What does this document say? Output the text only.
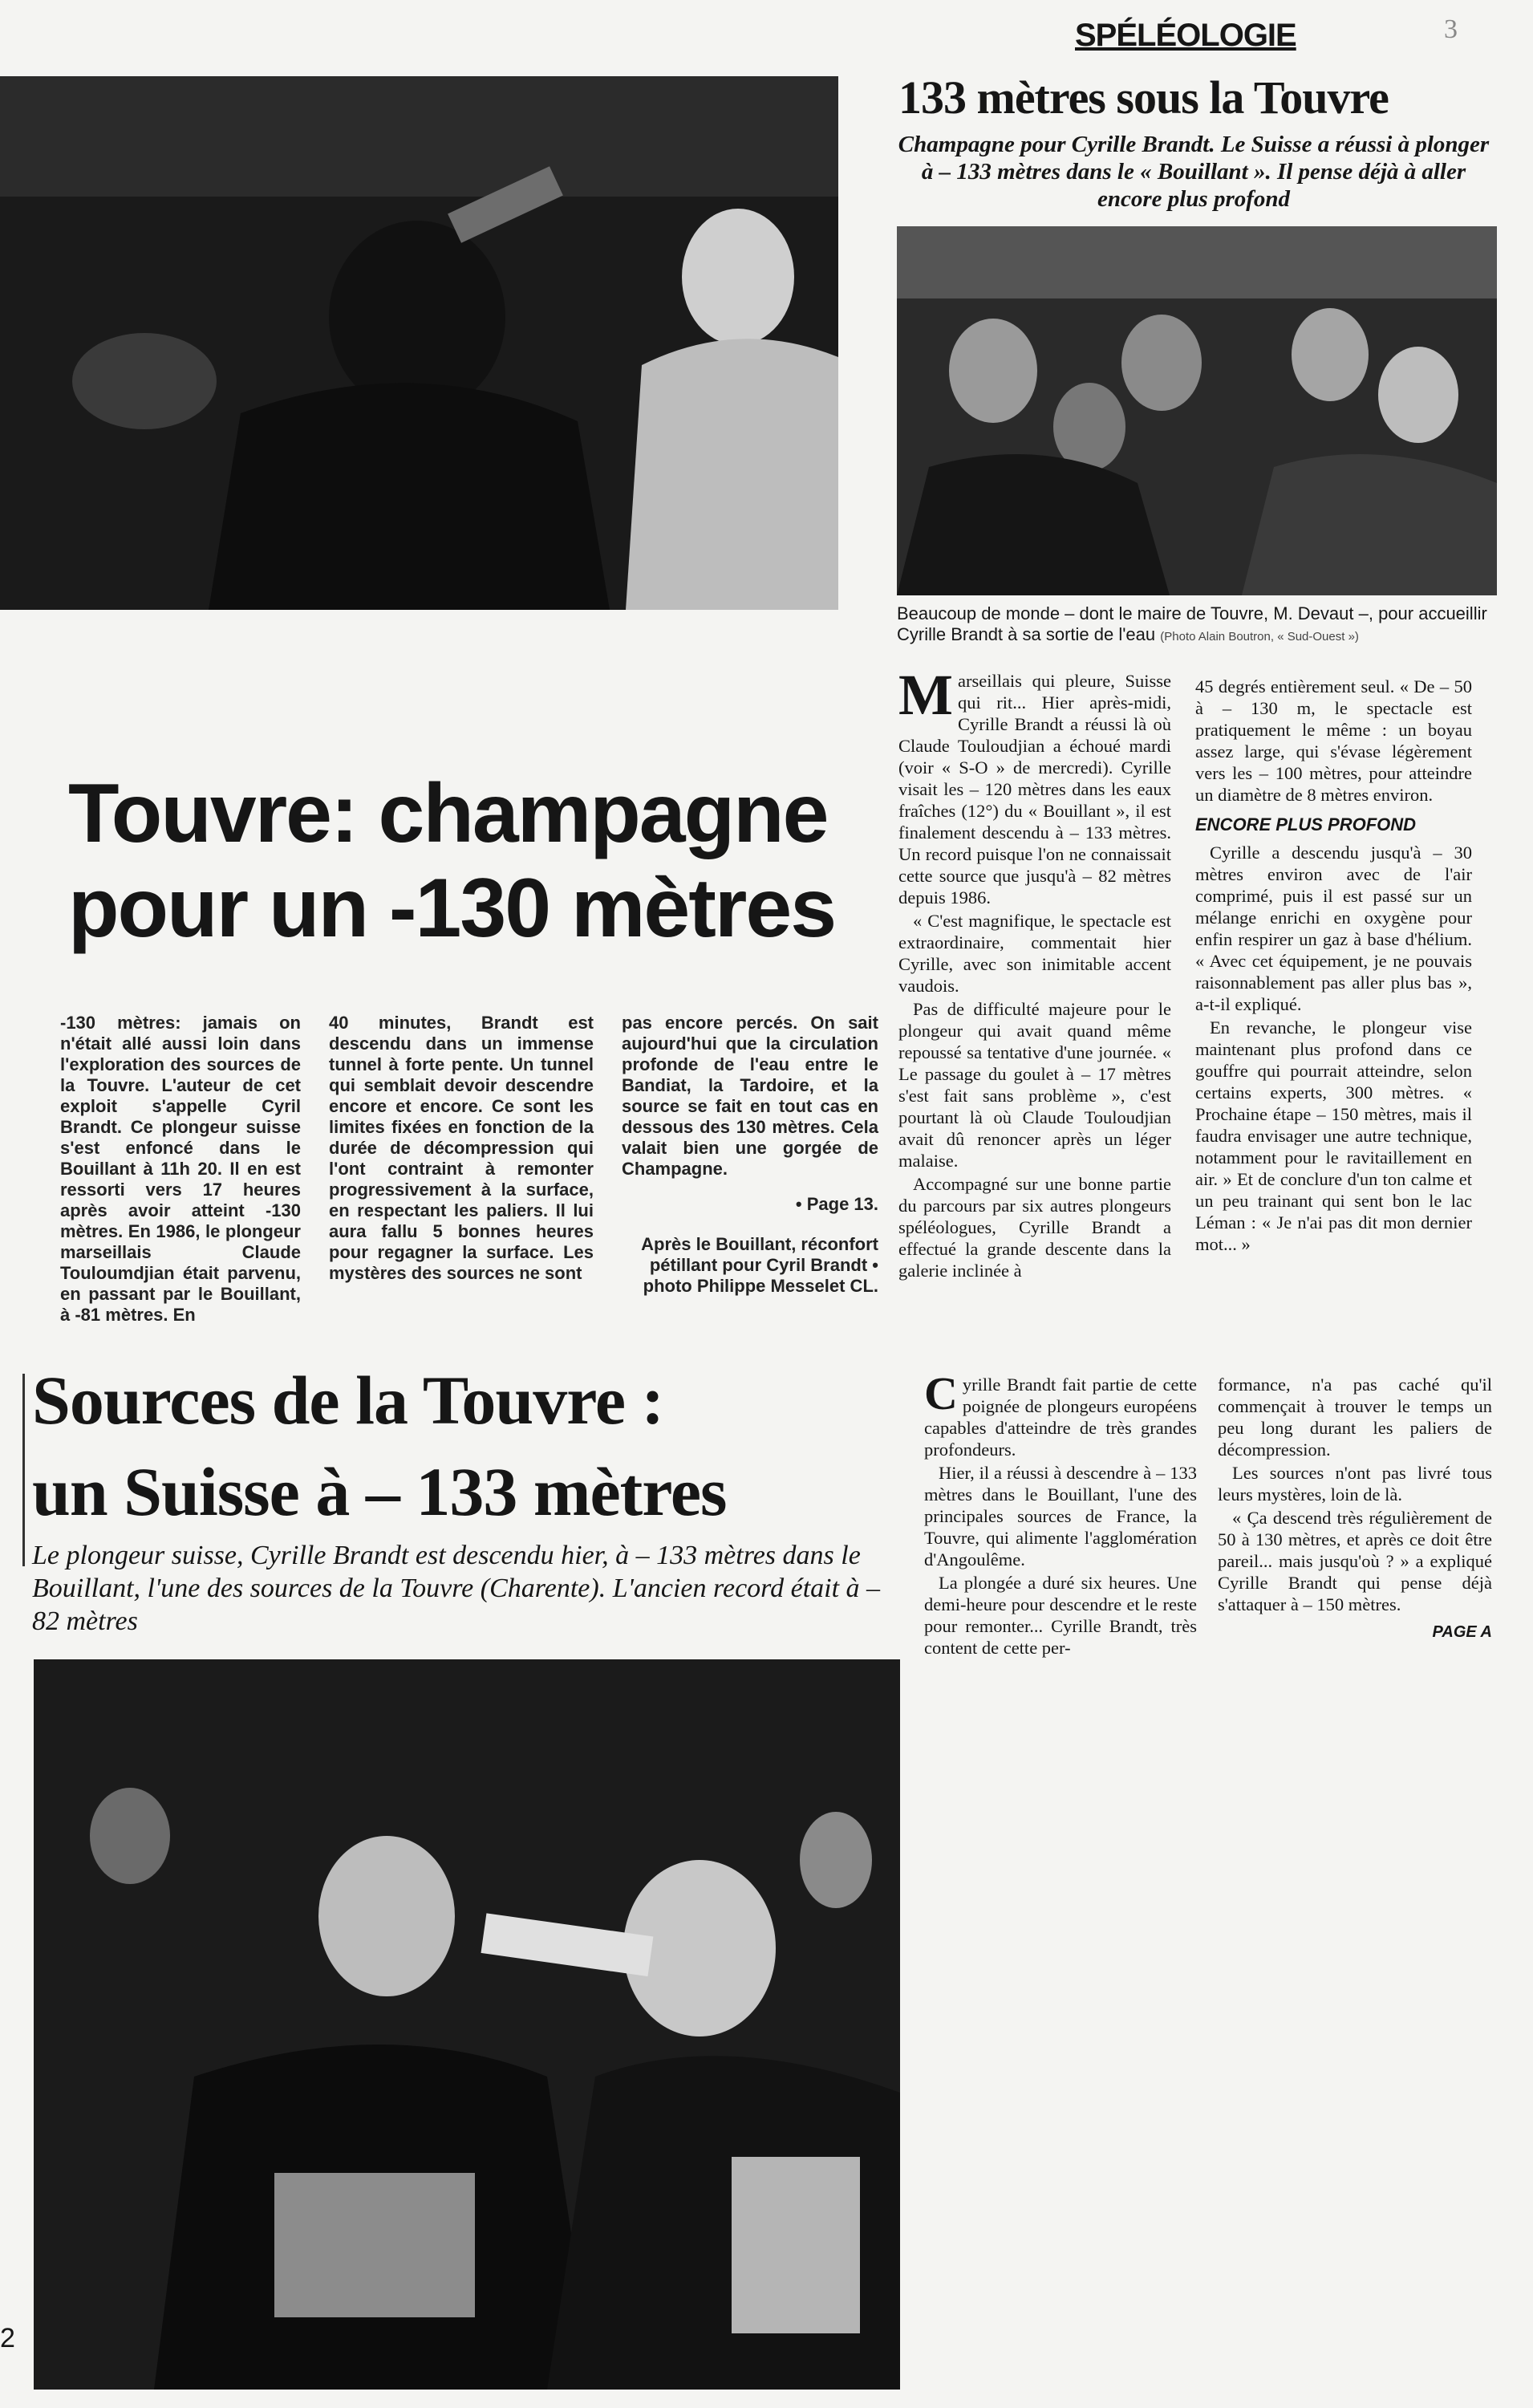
SPÉLÉOLOGIE	3
133 mètres sous la Touvre
Champagne pour Cyrille Brandt. Le Suisse a réussi à plonger à – 133 mètres dans le « Bouillant ». Il pense déjà à aller encore plus profond
Beaucoup de monde – dont le maire de Touvre, M. Devaut –, pour accueillir Cyrille Brandt à sa sortie de l'eau (Photo Alain Boutron, « Sud-Ouest »)

Marseillais qui pleure, Suisse qui rit... Hier après-midi, Cyrille Brandt a réussi là où Claude Touloudjian a échoué mardi (voir « S-O » de mercredi). Cyrille visait les – 120 mètres dans les eaux fraîches (12°) du « Bouillant », il est finalement descendu à – 133 mètres. Un record puisque l'on ne connaissait cette source que jusqu'à – 82 mètres depuis 1986.

« C'est magnifique, le spectacle est extraordinaire, commentait hier Cyrille, avec son inimitable accent vaudois.

Pas de difficulté majeure pour le plongeur qui avait quand même repoussé sa tentative d'une journée. « Le passage du goulet à – 17 mètres s'est fait sans problème », c'est pourtant là où Claude Touloudjian avait dû renoncer après un léger malaise.

Accompagné sur une bonne partie du parcours par six autres plongeurs spéléologues, Cyrille Brandt a effectué la grande descente dans la galerie inclinée à

45 degrés entièrement seul. « De – 50 à – 130 m, le spectacle est pratiquement le même : un boyau assez large, qui s'évase légèrement vers les – 100 mètres, pour atteindre un diamètre de 8 mètres environ.

ENCORE PLUS PROFOND

Cyrille a descendu jusqu'à – 30 mètres environ avec de l'air comprimé, puis il est passé sur un mélange enrichi en oxygène pour enfin respirer un gaz à base d'hélium. « Avec cet équipement, je ne pouvais raisonnablement pas aller plus bas », a-t-il expliqué.

En revanche, le plongeur vise maintenant plus profond dans ce gouffre qui pourrait atteindre, selon certains experts, 300 mètres. « Prochaine étape – 150 mètres, mais il faudra envisager une autre technique, notamment pour le ravitaillement en air. » Et de conclure d'un ton calme et un peu trainant qui sent bon le lac Léman : « Je n'ai pas dit mon dernier mot... »

Touvre: champagne
pour un -130 mètres

-130 mètres: jamais on n'était allé aussi loin dans l'exploration des sources de la Touvre. L'auteur de cet exploit s'appelle Cyril Brandt. Ce plongeur suisse s'est enfoncé dans le Bouillant à 11h 20. Il en est ressorti vers 17 heures après avoir atteint -130 mètres. En 1986, le plongeur marseillais Claude Touloumdjian était parvenu, en passant par le Bouillant, à -81 mètres. En

40 minutes, Brandt est descendu dans un immense tunnel à forte pente. Un tunnel qui semblait devoir descendre encore et encore. Ce sont les limites fixées en fonction de la durée de décompression qui l'ont contraint à remonter progressivement à la surface, en respectant les paliers. Il lui aura fallu 5 bonnes heures pour regagner la surface. Les mystères des sources ne sont

pas encore percés. On sait aujourd'hui que la circulation profonde de l'eau entre le Bandiat, la Tardoire, et la source se fait en tout cas en dessous des 130 mètres. Cela valait bien une gorgée de Champagne.

• Page 13.

Après le Bouillant, réconfort pétillant pour Cyril Brandt • photo Philippe Messelet CL.

Sources de la Touvre :
un Suisse à – 133 mètres
Le plongeur suisse, Cyrille Brandt est descendu hier, à – 133 mètres dans le Bouillant, l'une des sources de la Touvre (Charente). L'ancien record était à – 82 mètres

Cyrille Brandt fait partie de cette poignée de plongeurs européens capables d'atteindre de très grandes profondeurs.

Hier, il a réussi à descendre à – 133 mètres dans le Bouillant, l'une des principales sources de France, la Touvre, qui alimente l'agglomération d'Angoulême.

La plongée a duré six heures. Une demi-heure pour descendre et le reste pour remonter... Cyrille Brandt, très content de cette per-

formance, n'a pas caché qu'il commençait à trouver le temps un peu long durant les paliers de décompression.

Les sources n'ont pas livré tous leurs mystères, loin de là.

« Ça descend très régulièrement de 50 à 130 mètres, et après ce doit être pareil... mais jusqu'où ? » a expliqué Cyrille Brandt qui pense déjà s'attaquer à – 150 mètres.

PAGE A

2
